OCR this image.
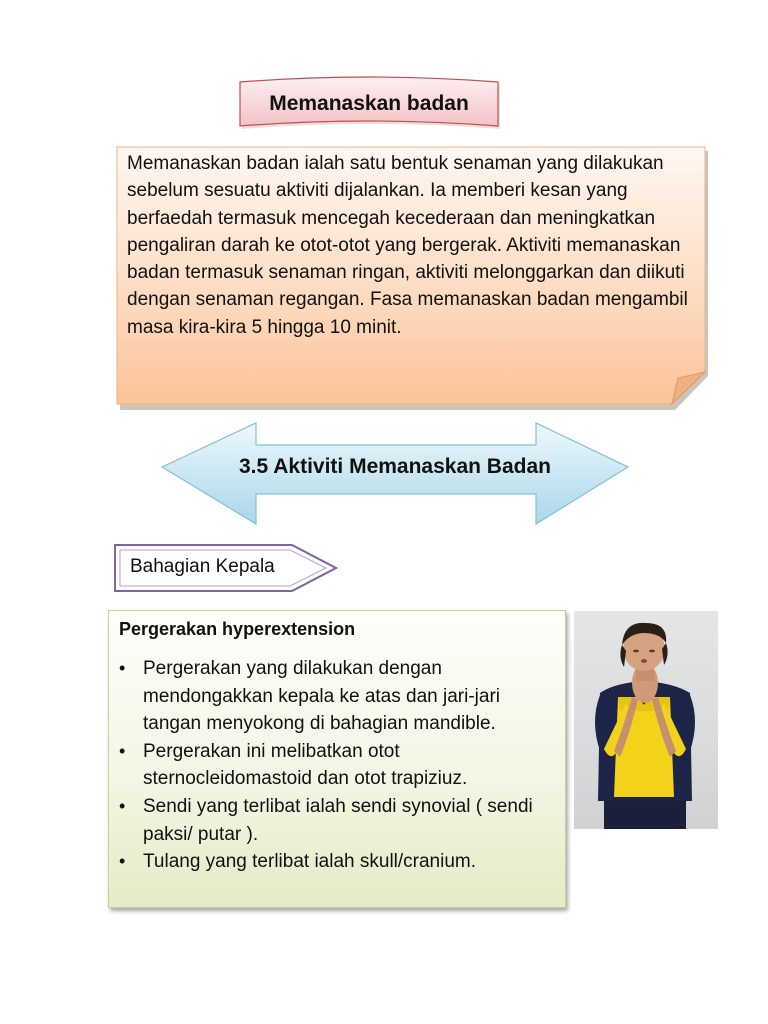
Memanaskan badan
Memanaskan badan ialah satu bentuk senaman yang dilakukan sebelum sesuatu aktiviti dijalankan. Ia memberi kesan yang berfaedah termasuk mencegah kecederaan dan meningkatkan pengaliran darah ke otot-otot yang bergerak. Aktiviti memanaskan badan termasuk senaman ringan, aktiviti melonggarkan dan diikuti dengan senaman regangan. Fasa memanaskan badan mengambil masa kira-kira 5 hingga 10 minit.
3.5 Aktiviti Memanaskan Badan
Bahagian Kepala
Pergerakan hyperextension
• Pergerakan yang dilakukan dengan mendongakkan kepala ke atas dan jari-jari tangan menyokong di bahagian mandible.
• Pergerakan ini melibatkan otot sternocleidomastoid dan otot trapiziuz.
• Sendi yang terlibat ialah sendi synovial ( sendi paksi/ putar ).
• Tulang yang terlibat ialah skull/cranium.
